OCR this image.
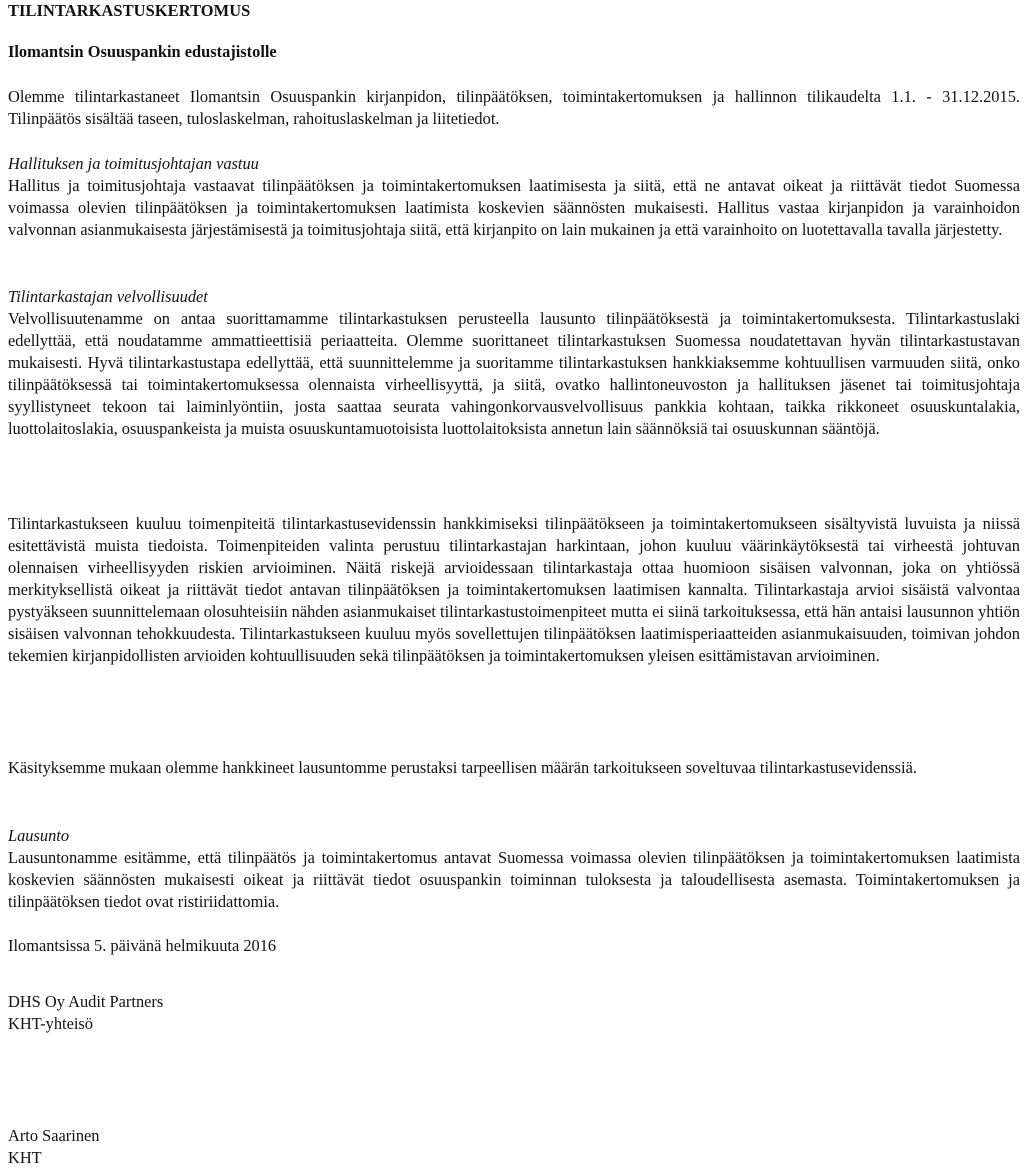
TILINTARKASTUSKERTOMUS
Ilomantsin Osuuspankin edustajistolle
Olemme tilintarkastaneet Ilomantsin Osuuspankin kirjanpidon, tilinpäätöksen, toimintakertomuksen ja hallinnon tilikaudelta 1.1. - 31.12.2015. Tilinpäätös sisältää taseen, tuloslaskelman, rahoituslaskelman ja liitetiedot.
Hallituksen ja toimitusjohtajan vastuu
Hallitus ja toimitusjohtaja vastaavat tilinpäätöksen ja toimintakertomuksen laatimisesta ja siitä, että ne antavat oikeat ja riittävät tiedot Suomessa voimassa olevien tilinpäätöksen ja toimintakertomuksen laatimista koskevien säännösten mukaisesti. Hallitus vastaa kirjanpidon ja varainhoidon valvonnan asianmukaisesta järjestämisestä ja toimitusjohtaja siitä, että kirjanpito on lain mukainen ja että varainhoito on luotettavalla tavalla järjestetty.
Tilintarkastajan velvollisuudet
Velvollisuutenamme on antaa suorittamamme tilintarkastuksen perusteella lausunto tilinpäätöksestä ja toimintakertomuksesta. Tilintarkastuslaki edellyttää, että noudatamme ammattieettisiä periaatteita. Olemme suorittaneet tilintarkastuksen Suomessa noudatettavan hyvän tilintarkastustavan mukaisesti. Hyvä tilintarkastustapa edellyttää, että suunnittelemme ja suoritamme tilintarkastuksen hankkiaksemme kohtuullisen varmuuden siitä, onko tilinpäätöksessä tai toimintakertomuksessa olennaista virheellisyyttä, ja siitä, ovatko hallintoneuvoston ja hallituksen jäsenet tai toimitusjohtaja syyllistyneet tekoon tai laiminlyöntiin, josta saattaa seurata vahingonkorvausvelvollisuus pankkia kohtaan, taikka rikkoneet osuuskuntalakia, luottolaitoslakia, osuuspankeista ja muista osuuskuntamuotoisista luottolaitoksista annetun lain säännöksiä tai osuuskunnan sääntöjä.
Tilintarkastukseen kuuluu toimenpiteitä tilintarkastusevidenssin hankkimiseksi tilinpäätökseen ja toimintakertomukseen sisältyvistä luvuista ja niissä esitettävistä muista tiedoista. Toimenpiteiden valinta perustuu tilintarkastajan harkintaan, johon kuuluu väärinkäytöksestä tai virheestä johtuvan olennaisen virheellisyyden riskien arvioiminen. Näitä riskejä arvioidessaan tilintarkastaja ottaa huomioon sisäisen valvonnan, joka on yhtiössä merkityksellistä oikeat ja riittävät tiedot antavan tilinpäätöksen ja toimintakertomuksen laatimisen kannalta. Tilintarkastaja arvioi sisäistä valvontaa pystyäkseen suunnittelemaan olosuhteisiin nähden asianmukaiset tilintarkastustoimenpiteet mutta ei siinä tarkoituksessa, että hän antaisi lausunnon yhtiön sisäisen valvonnan tehokkuudesta. Tilintarkastukseen kuuluu myös sovellettujen tilinpäätöksen laatimisperiaatteiden asianmukaisuuden, toimivan johdon tekemien kirjanpidollisten arvioiden kohtuullisuuden sekä tilinpäätöksen ja toimintakertomuksen yleisen esittämistavan arvioiminen.
Käsityksemme mukaan olemme hankkineet lausuntomme perustaksi tarpeellisen määrän tarkoitukseen soveltuvaa tilintarkastusevidenssiä.
Lausunto
Lausuntonamme esitämme, että tilinpäätös ja toimintakertomus antavat Suomessa voimassa olevien tilinpäätöksen ja toimintakertomuksen laatimista koskevien säännösten mukaisesti oikeat ja riittävät tiedot osuuspankin toiminnan tuloksesta ja taloudellisesta asemasta. Toimintakertomuksen ja tilinpäätöksen tiedot ovat ristiriidattomia.
Ilomantsissa 5. päivänä helmikuuta 2016
DHS Oy Audit Partners
KHT-yhteisö
Arto Saarinen
KHT
